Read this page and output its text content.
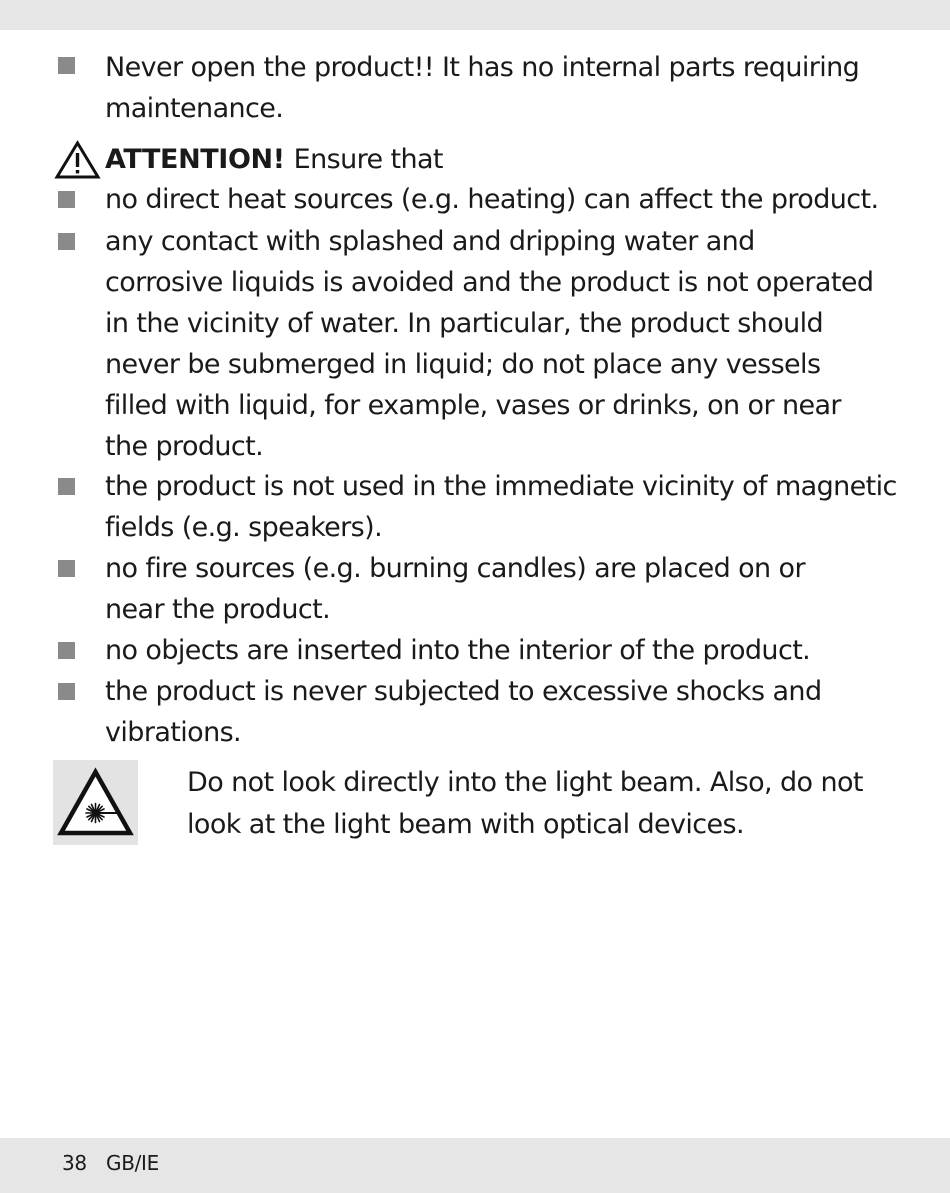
Never open the product!! It has no internal parts requiring
maintenance.
ATTENTION! Ensure that
no direct heat sources (e.g. heating) can affect the product.
any contact with splashed and dripping water and
corrosive liquids is avoided and the product is not operated
in the vicinity of water. In particular, the product should
never be submerged in liquid; do not place any vessels
filled with liquid, for example, vases or drinks, on or near
the product.
the product is not used in the immediate vicinity of magnetic
fields (e.g. speakers).
no fire sources (e.g. burning candles) are placed on or
near the product.
no objects are inserted into the interior of the product.
the product is never subjected to excessive shocks and
vibrations.
Do not look directly into the light beam. Also, do not
look at the light beam with optical devices.
38 GB/IE
